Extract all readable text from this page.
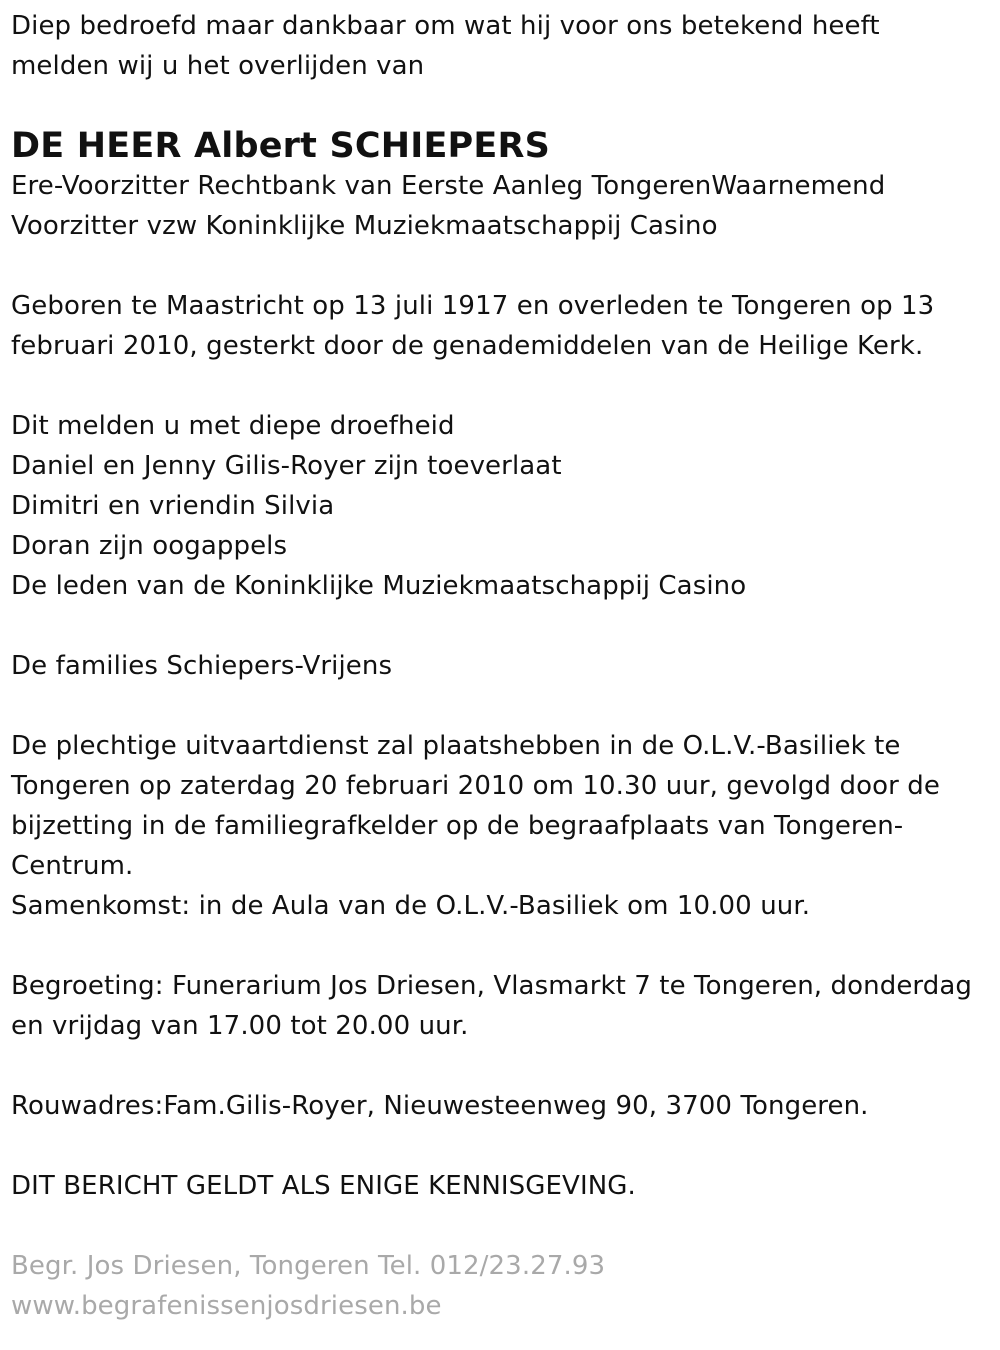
Diep bedroefd maar dankbaar om wat hij voor ons betekend heeft
melden wij u het overlijden van
DE HEER Albert SCHIEPERS
Ere-Voorzitter Rechtbank van Eerste Aanleg TongerenWaarnemend
Voorzitter vzw Koninklijke Muziekmaatschappij Casino
Geboren te Maastricht op 13 juli 1917 en overleden te Tongeren op 13
februari 2010, gesterkt door de genademiddelen van de Heilige Kerk.
Dit melden u met diepe droefheid
Daniel en Jenny Gilis-Royer zijn toeverlaat
Dimitri en vriendin Silvia
Doran zijn oogappels
De leden van de Koninklijke Muziekmaatschappij Casino
De families Schiepers-Vrijens
De plechtige uitvaartdienst zal plaatshebben in de O.L.V.-Basiliek te
Tongeren op zaterdag 20 februari 2010 om 10.30 uur, gevolgd door de
bijzetting in de familiegrafkelder op de begraafplaats van Tongeren-
Centrum.
Samenkomst: in de Aula van de O.L.V.-Basiliek om 10.00 uur.
Begroeting: Funerarium Jos Driesen, Vlasmarkt 7 te Tongeren, donderdag
en vrijdag van 17.00 tot 20.00 uur.
Rouwadres:Fam.Gilis-Royer, Nieuwesteenweg 90, 3700 Tongeren.
DIT BERICHT GELDT ALS ENIGE KENNISGEVING.
Begr. Jos Driesen, Tongeren Tel. 012/23.27.93
www.begrafenissenjosdriesen.be
